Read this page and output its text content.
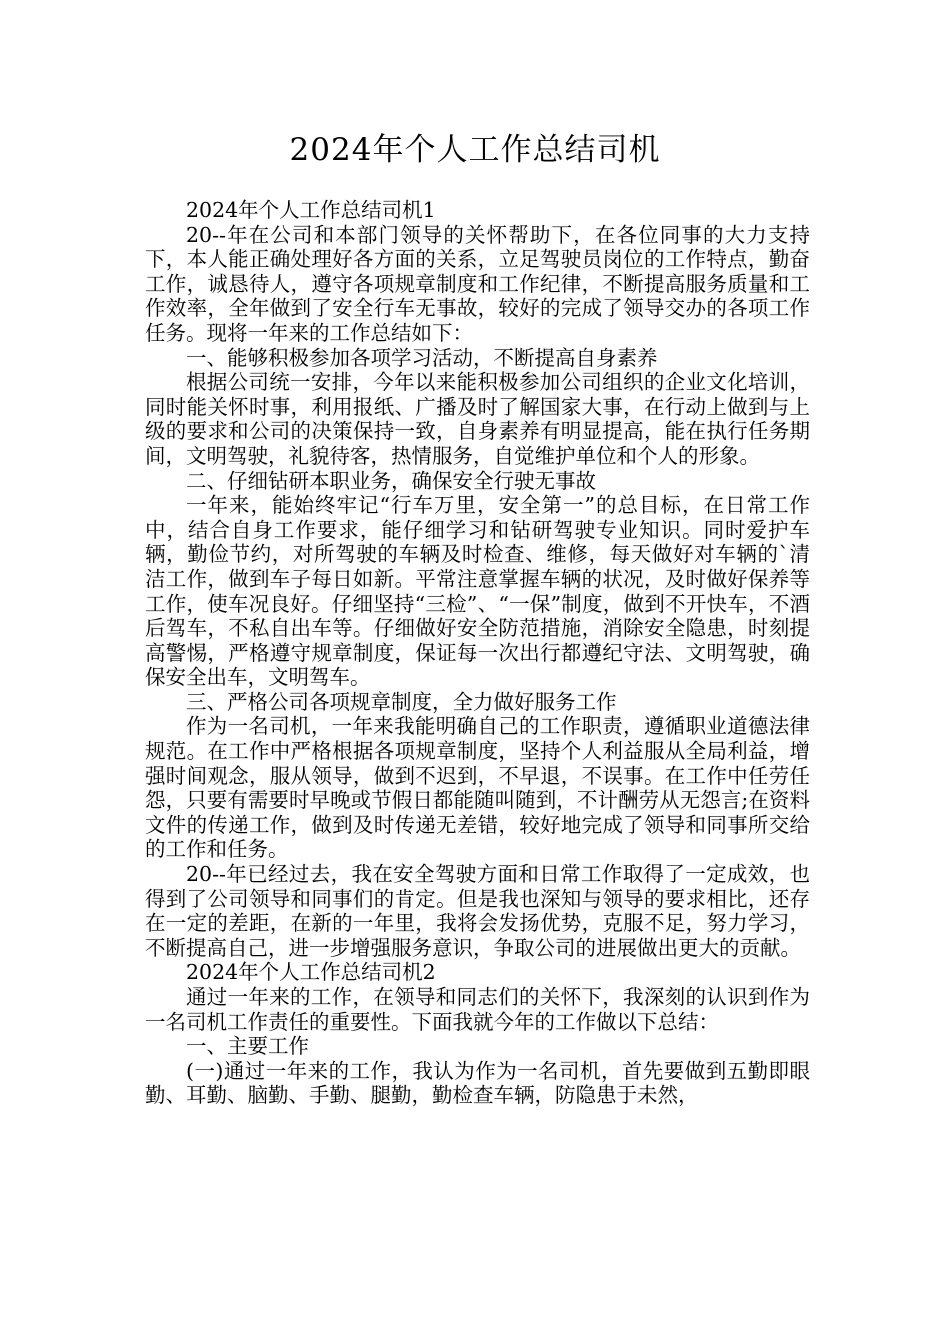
2024年个人工作总结司机

2024年个人工作总结司机1

20--年在公司和本部门领导的关怀帮助下，在各位同事的大力支持下，本人能正确处理好各方面的关系，立足驾驶员岗位的工作特点，勤奋工作，诚恳待人，遵守各项规章制度和工作纪律，不断提高服务质量和工作效率，全年做到了安全行车无事故，较好的完成了领导交办的各项工作任务。现将一年来的工作总结如下：

一、能够积极参加各项学习活动，不断提高自身素养

根据公司统一安排，今年以来能积极参加公司组织的企业文化培训，同时能关怀时事，利用报纸、广播及时了解国家大事，在行动上做到与上级的要求和公司的决策保持一致，自身素养有明显提高，能在执行任务期间，文明驾驶，礼貌待客，热情服务，自觉维护单位和个人的形象。

二、仔细钻研本职业务，确保安全行驶无事故

一年来，能始终牢记“行车万里，安全第一”的总目标，在日常工作中，结合自身工作要求，能仔细学习和钻研驾驶专业知识。同时爱护车辆，勤俭节约，对所驾驶的车辆及时检查、维修，每天做好对车辆的`清洁工作，做到车子每日如新。平常注意掌握车辆的状况，及时做好保养等工作，使车况良好。仔细坚持“三检”、“一保”制度，做到不开快车，不酒后驾车，不私自出车等。仔细做好安全防范措施，消除安全隐患，时刻提高警惕，严格遵守规章制度，保证每一次出行都遵纪守法、文明驾驶，确保安全出车，文明驾车。

三、严格公司各项规章制度，全力做好服务工作

作为一名司机，一年来我能明确自己的工作职责，遵循职业道德法律规范。在工作中严格根据各项规章制度，坚持个人利益服从全局利益，增强时间观念，服从领导，做到不迟到，不早退，不误事。在工作中任劳任怨，只要有需要时早晚或节假日都能随叫随到，不计酬劳从无怨言;在资料文件的传递工作，做到及时传递无差错，较好地完成了领导和同事所交给的工作和任务。

20--年已经过去，我在安全驾驶方面和日常工作取得了一定成效，也得到了公司领导和同事们的肯定。但是我也深知与领导的要求相比，还存在一定的差距，在新的一年里，我将会发扬优势，克服不足，努力学习，不断提高自己，进一步增强服务意识，争取公司的进展做出更大的贡献。

2024年个人工作总结司机2

通过一年来的工作，在领导和同志们的关怀下，我深刻的认识到作为一名司机工作责任的重要性。下面我就今年的工作做以下总结：

一、主要工作

(一)通过一年来的工作，我认为作为一名司机，首先要做到五勤即眼勤、耳勤、脑勤、手勤、腿勤，勤检查车辆，防隐患于未然，
